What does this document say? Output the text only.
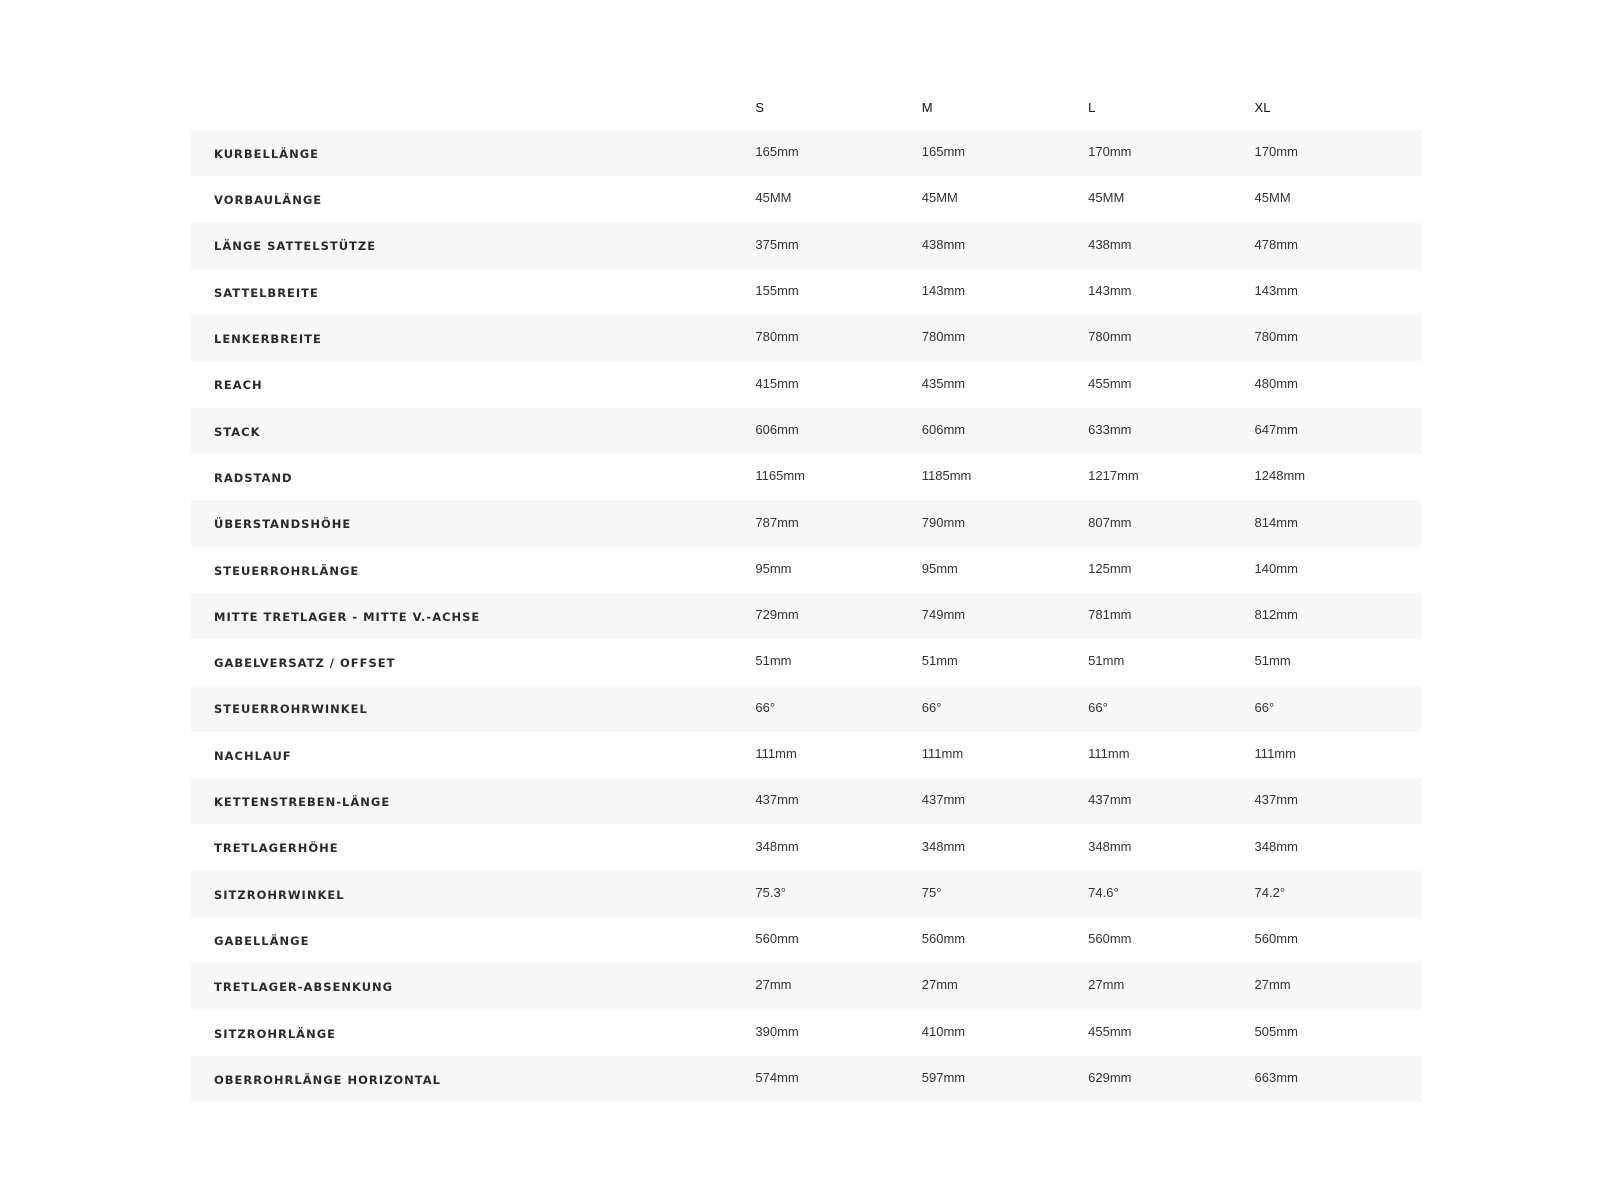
	S	M	L	XL
KURBELLÄNGE	165mm	165mm	170mm	170mm
VORBAULÄNGE	45MM	45MM	45MM	45MM
LÄNGE SATTELSTÜTZE	375mm	438mm	438mm	478mm
SATTELBREITE	155mm	143mm	143mm	143mm
LENKERBREITE	780mm	780mm	780mm	780mm
REACH	415mm	435mm	455mm	480mm
STACK	606mm	606mm	633mm	647mm
RADSTAND	1165mm	1185mm	1217mm	1248mm
ÜBERSTANDSHÖHE	787mm	790mm	807mm	814mm
STEUERROHRLÄNGE	95mm	95mm	125mm	140mm
MITTE TRETLAGER - MITTE V.-ACHSE	729mm	749mm	781mm	812mm
GABELVERSATZ / OFFSET	51mm	51mm	51mm	51mm
STEUERROHRWINKEL	66°	66°	66°	66°
NACHLAUF	111mm	111mm	111mm	111mm
KETTENSTREBEN-LÄNGE	437mm	437mm	437mm	437mm
TRETLAGERHÖHE	348mm	348mm	348mm	348mm
SITZROHRWINKEL	75.3°	75°	74.6°	74.2°
GABELLÄNGE	560mm	560mm	560mm	560mm
TRETLAGER-ABSENKUNG	27mm	27mm	27mm	27mm
SITZROHRLÄNGE	390mm	410mm	455mm	505mm
OBERROHRLÄNGE HORIZONTAL	574mm	597mm	629mm	663mm
